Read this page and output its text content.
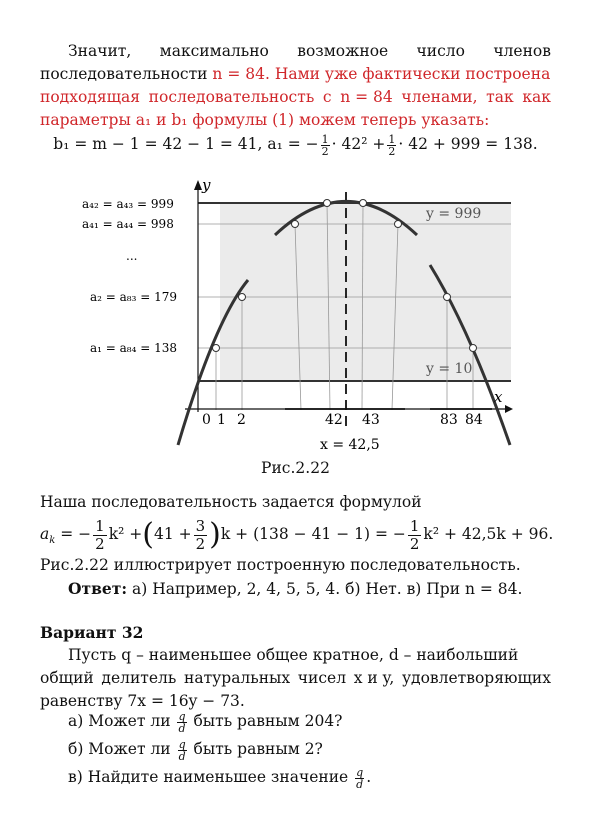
Значит, максимально возможное число членов
последовательности n = 84. Нами уже фактически построена
подходящая последовательность с n = 84 членами, так как
параметры a₁ и b₁ формулы (1) можем теперь указать:
b₁ = m − 1 = 42 − 1 = 41, a₁ = − $\frac{1}{2} \cdot 42^2 + \frac{1}{2} \cdot 42 + 999 = 138$.
y
x
y = 999
y = 10
a₄₂ = a₄₃ = 999
a₄₁ = a₄₄ = 998
...
a₂ = a₈₃ = 179
a₁ = a₈₄ = 138
0 1 2	42 43	83 84
x = 42,5
Рис.2.22
Наша последовательность задается формулой
$a_k$ = − $\frac{1}{2} k^2 +(41 + \frac{3}{2} )k + (138 - 41 - 1)$ = − $\frac{1}{2} k^2 + 42,5k + 96$.
Рис.2.22 иллюстрирует построенную последовательность.
Ответ: а) Например, 2, 4, 5, 5, 4. б) Нет. в) При n = 84.
Вариант 32
Пусть q – наименьшее общее кратное, d – наибольший
общий делитель натуральных чисел x и y, удовлетворяющих
равенству 7x = 16y − 73.
а) Может ли $\frac{q}{d}$ быть равным 204?
б) Может ли $\frac{q}{d}$ быть равным 2?
в) Найдите наименьшее значение $\frac{q}{d}$ .
